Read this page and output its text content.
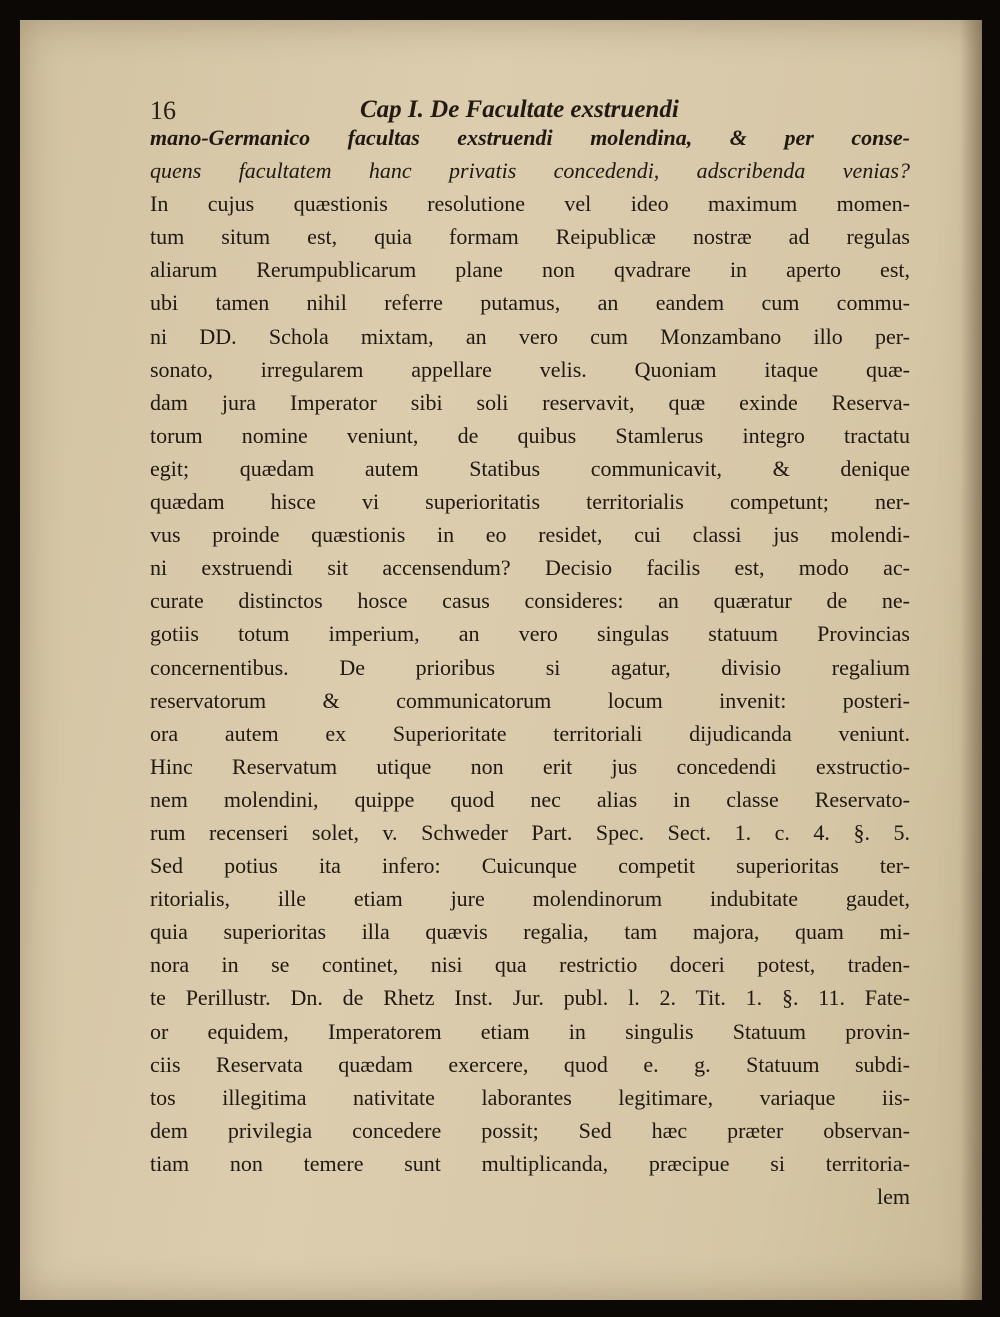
16	Cap I. De Facultate exstruendi
mano-Germanico facultas exstruendi molendina, & per conse-
quens facultatem hanc privatis concedendi, adscribenda venias?
In cujus quæstionis resolutione vel ideo maximum momen-
tum situm est, quia formam Reipublicæ nostræ ad regulas
aliarum Rerumpublicarum plane non qvadrare in aperto est,
ubi tamen nihil referre putamus, an eandem cum commu-
ni DD. Schola mixtam, an vero cum Monzambano illo per-
sonato, irregularem appellare velis. Quoniam itaque quæ-
dam jura Imperator sibi soli reservavit, quæ exinde Reserva-
torum nomine veniunt, de quibus Stamlerus integro tractatu
egit; quædam autem Statibus communicavit, & denique
quædam hisce vi superioritatis territorialis competunt; ner-
vus proinde quæstionis in eo residet, cui classi jus molendi-
ni exstruendi sit accensendum? Decisio facilis est, modo ac-
curate distinctos hosce casus consideres: an quæratur de ne-
gotiis totum imperium, an vero singulas statuum Provincias
concernentibus. De prioribus si agatur, divisio regalium
reservatorum & communicatorum locum invenit: posteri-
ora autem ex Superioritate territoriali dijudicanda veniunt.
Hinc Reservatum utique non erit jus concedendi exstructio-
nem molendini, quippe quod nec alias in classe Reservato-
rum recenseri solet, v. Schweder Part. Spec. Sect. 1. c. 4. §. 5.
Sed potius ita infero: Cuicunque competit superioritas ter-
ritorialis, ille etiam jure molendinorum indubitate gaudet,
quia superioritas illa quævis regalia, tam majora, quam mi-
nora in se continet, nisi qua restrictio doceri potest, traden-
te Perillustr. Dn. de Rhetz Inst. Jur. publ. l. 2. Tit. 1. §. 11. Fate-
or equidem, Imperatorem etiam in singulis Statuum provin-
ciis Reservata quædam exercere, quod e. g. Statuum subdi-
tos illegitima nativitate laborantes legitimare, variaque iis-
dem privilegia concedere possit; Sed hæc præter observan-
tiam non temere sunt multiplicanda, præcipue si territoria-
lem
